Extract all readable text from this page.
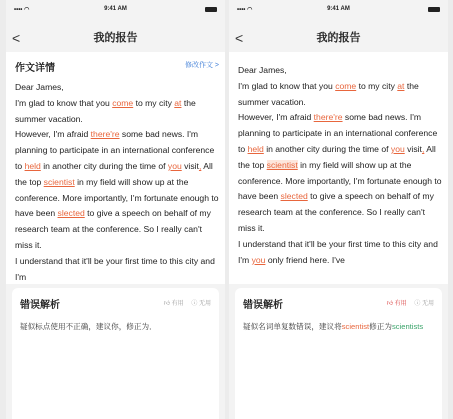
•••• ◠	9:41 AM
<	我的报告
作文详情	修改作文 >
Dear James,
I'm glad to know that you come to my city at the summer vacation.
However, I'm afraid there're some bad news. I'm planning to participate in an international conference to held in another city during the time of you visit, All the top scientist in my field will show up at the conference. More importantly, I'm fortunate enough to have been slected to give a speech on behalf of my research team at the conference. So I really can't miss it.
I understand that it'll be your first time to this city and I'm
错误解析	👍︎ 有用 ⓘ 无用
疑似标点使用不正确，建议你，修正为．
•••• ◠	9:41 AM
<	我的报告
Dear James,
I'm glad to know that you come to my city at the summer vacation.
However, I'm afraid there're some bad news. I'm planning to participate in an international conference to held in another city during the time of you visit, All the top scientist in my field will show up at the conference. More importantly, I'm fortunate enough to have been slected to give a speech on behalf of my research team at the conference. So I really can't miss it.
I understand that it'll be your first time to this city and I'm you only friend here. I've
错误解析	👍︎ 有用 ⓘ 无用
疑似名词单复数错误，建议将scientist修正为scientists
